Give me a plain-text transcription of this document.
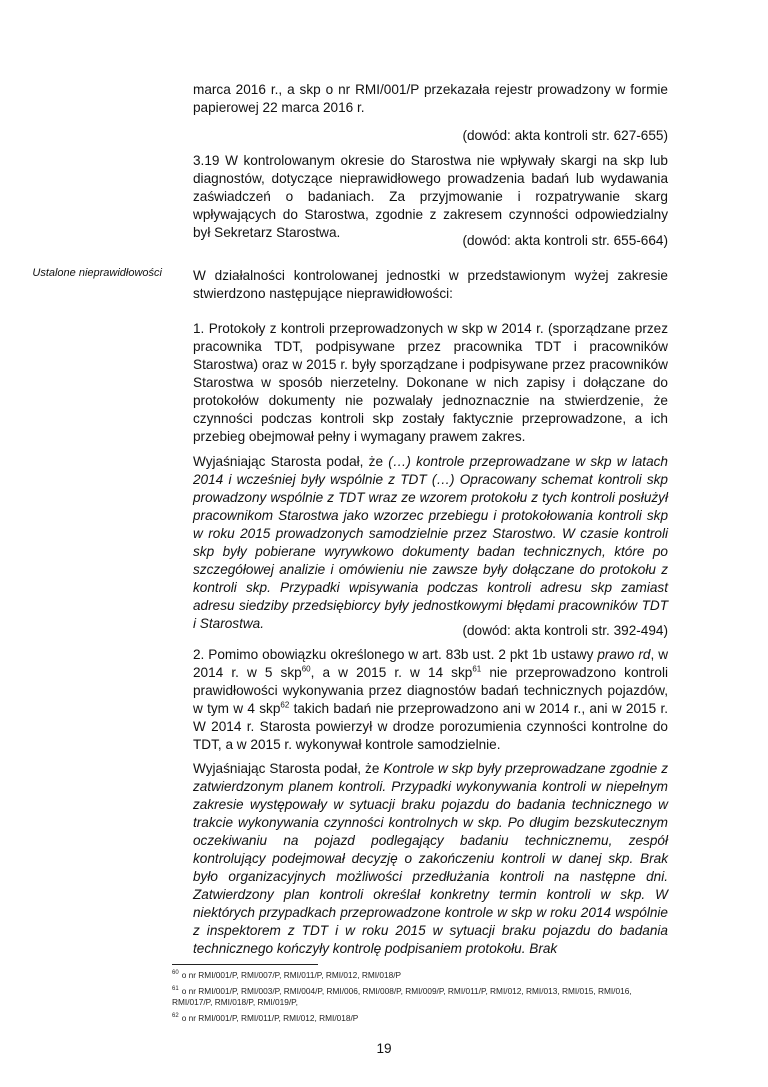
Ustalone nieprawidłowości

marca 2016 r., a skp o nr RMI/001/P przekazała rejestr prowadzony w formie papierowej 22 marca 2016 r.

(dowód: akta kontroli str. 627-655)

3.19 W kontrolowanym okresie do Starostwa nie wpływały skargi na skp lub diagnostów, dotyczące nieprawidłowego prowadzenia badań lub wydawania zaświadczeń o badaniach. Za przyjmowanie i rozpatrywanie skarg wpływających do Starostwa, zgodnie z zakresem czynności odpowiedzialny był Sekretarz Starostwa.

(dowód: akta kontroli str. 655-664)

W działalności kontrolowanej jednostki w przedstawionym wyżej zakresie stwierdzono następujące nieprawidłowości:

1. Protokoły z kontroli przeprowadzonych w skp w 2014 r. (sporządzane przez pracownika TDT, podpisywane przez pracownika TDT i pracowników Starostwa) oraz w 2015 r. były sporządzane i podpisywane przez pracowników Starostwa w sposób nierzetelny. Dokonane w nich zapisy i dołączane do protokołów dokumenty nie pozwalały jednoznacznie na stwierdzenie, że czynności podczas kontroli skp zostały faktycznie przeprowadzone, a ich przebieg obejmował pełny i wymagany prawem zakres.

Wyjaśniając Starosta podał, że (…) kontrole przeprowadzane w skp w latach 2014 i wcześniej były wspólnie z TDT (…) Opracowany schemat kontroli skp prowadzony wspólnie z TDT wraz ze wzorem protokołu z tych kontroli posłużył pracownikom Starostwa jako wzorzec przebiegu i protokołowania kontroli skp w roku 2015 prowadzonych samodzielnie przez Starostwo. W czasie kontroli skp były pobierane wyrywkowo dokumenty badan technicznych, które po szczegółowej analizie i omówieniu nie zawsze były dołączane do protokołu z kontroli skp. Przypadki wpisywania podczas kontroli adresu skp zamiast adresu siedziby przedsiębiorcy były jednostkowymi błędami pracowników TDT i Starostwa.	(dowód: akta kontroli str. 392-494)

2. Pomimo obowiązku określonego w art. 83b ust. 2 pkt 1b ustawy prawo rd, w 2014 r. w 5 skp$^{60}$, a w 2015 r. w 14 skp$^{61}$ nie przeprowadzono kontroli prawidłowości wykonywania przez diagnostów badań technicznych pojazdów, w tym w 4 skp$^{62}$ takich badań nie przeprowadzono ani w 2014 r., ani w 2015 r. W 2014 r. Starosta powierzył w drodze porozumienia czynności kontrolne do TDT, a w 2015 r. wykonywał kontrole samodzielnie.

Wyjaśniając Starosta podał, że Kontrole w skp były przeprowadzane zgodnie z zatwierdzonym planem kontroli. Przypadki wykonywania kontroli w niepełnym zakresie występowały w sytuacji braku pojazdu do badania technicznego w trakcie wykonywania czynności kontrolnych w skp. Po długim bezskutecznym oczekiwaniu na pojazd podlegający badaniu technicznemu, zespół kontrolujący podejmował decyzję o zakończeniu kontroli w danej skp. Brak było organizacyjnych możliwości przedłużania kontroli na następne dni. Zatwierdzony plan kontroli określał konkretny termin kontroli w skp. W niektórych przypadkach przeprowadzone kontrole w skp w roku 2014 wspólnie z inspektorem z TDT i w roku 2015 w sytuacji braku pojazdu do badania technicznego kończyły kontrolę podpisaniem protokołu. Brak

$^{60}$ o nr RMI/001/P, RMI/007/P, RMI/011/P, RMI/012, RMI/018/P

$^{61}$ o nr RMI/001/P, RMI/003/P, RMI/004/P, RMI/006, RMI/008/P, RMI/009/P, RMI/011/P, RMI/012, RMI/013, RMI/015, RMI/016, RMI/017/P, RMI/018/P, RMI/019/P,

$^{62}$ o nr RMI/001/P, RMI/011/P, RMI/012, RMI/018/P

19
